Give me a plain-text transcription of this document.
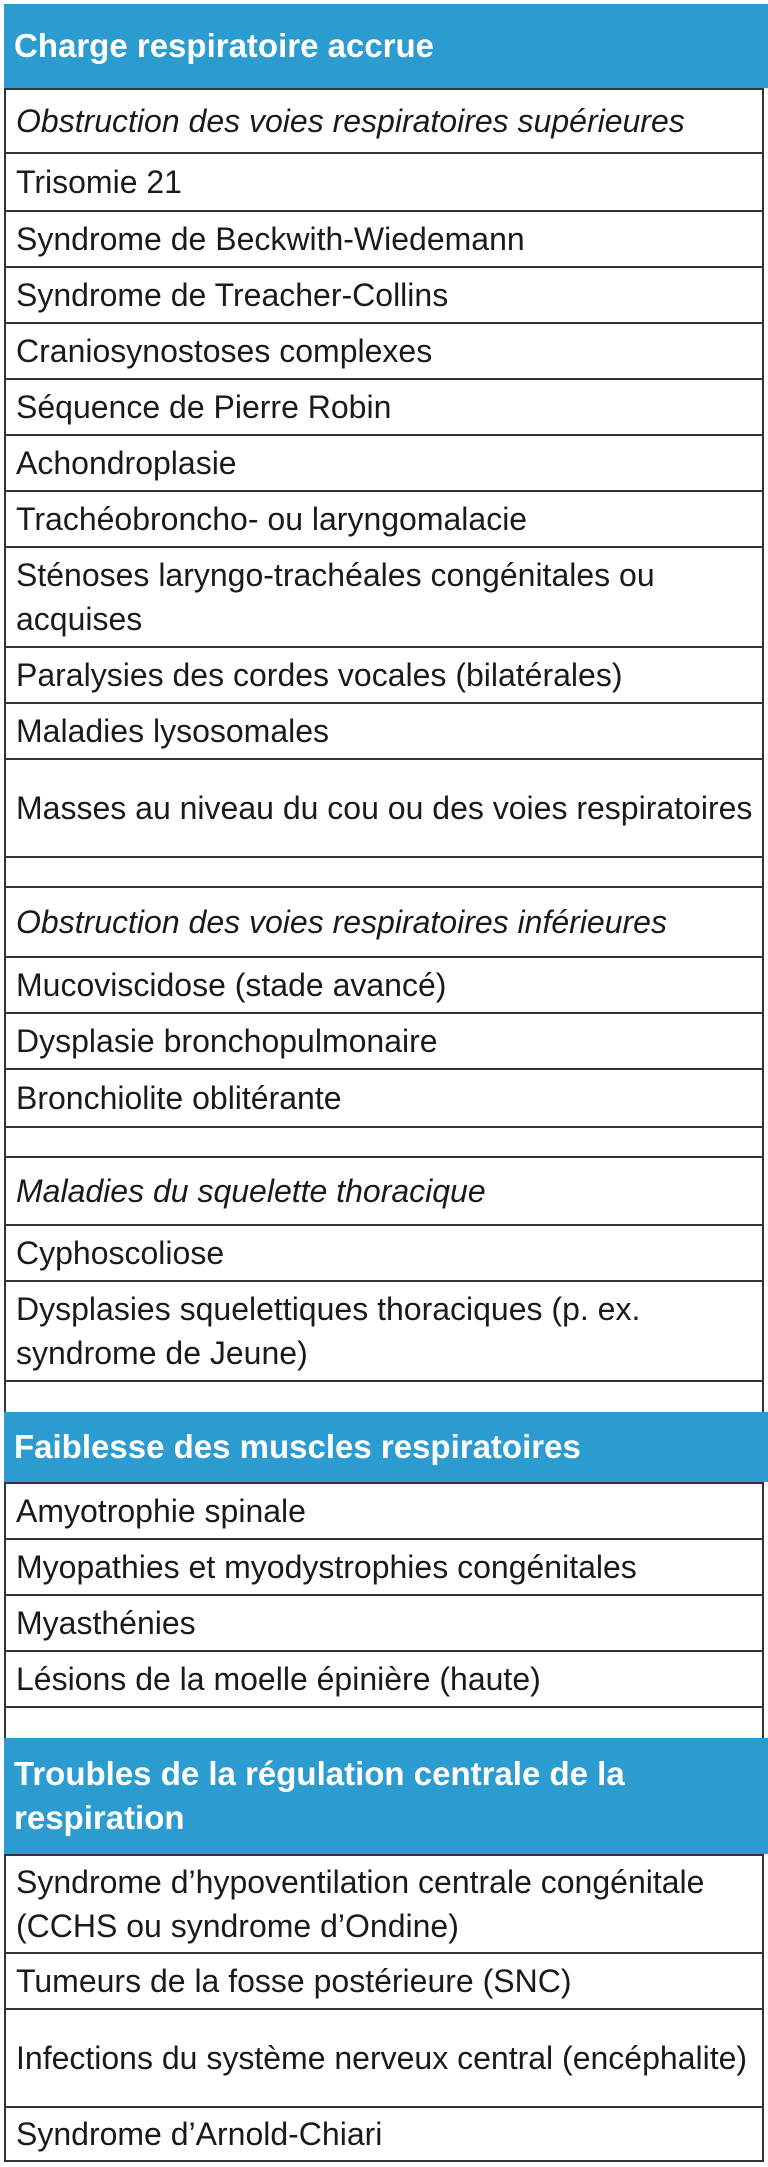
Charge respiratoire accrue
Obstruction des voies respiratoires supérieures
Trisomie 21
Syndrome de Beckwith-Wiedemann
Syndrome de Treacher-Collins
Craniosynostoses complexes
Séquence de Pierre Robin
Achondroplasie
Trachéobroncho- ou laryngomalacie
Sténoses laryngo-trachéales congénitales ou acquises
Paralysies des cordes vocales (bilatérales)
Maladies lysosomales
Masses au niveau du cou ou des voies respiratoires
Obstruction des voies respiratoires inférieures
Mucoviscidose (stade avancé)
Dysplasie bronchopulmonaire
Bronchiolite oblitérante
Maladies du squelette thoracique
Cyphoscoliose
Dysplasies squelettiques thoraciques (p. ex. syndrome de Jeune)
Faiblesse des muscles respiratoires
Amyotrophie spinale
Myopathies et myodystrophies congénitales
Myasthénies
Lésions de la moelle épinière (haute)
Troubles de la régulation centrale de la respiration
Syndrome d’hypoventilation centrale congénitale (CCHS ou syndrome d’Ondine)
Tumeurs de la fosse postérieure (SNC)
Infections du système nerveux central (encéphalite)
Syndrome d’Arnold-Chiari
